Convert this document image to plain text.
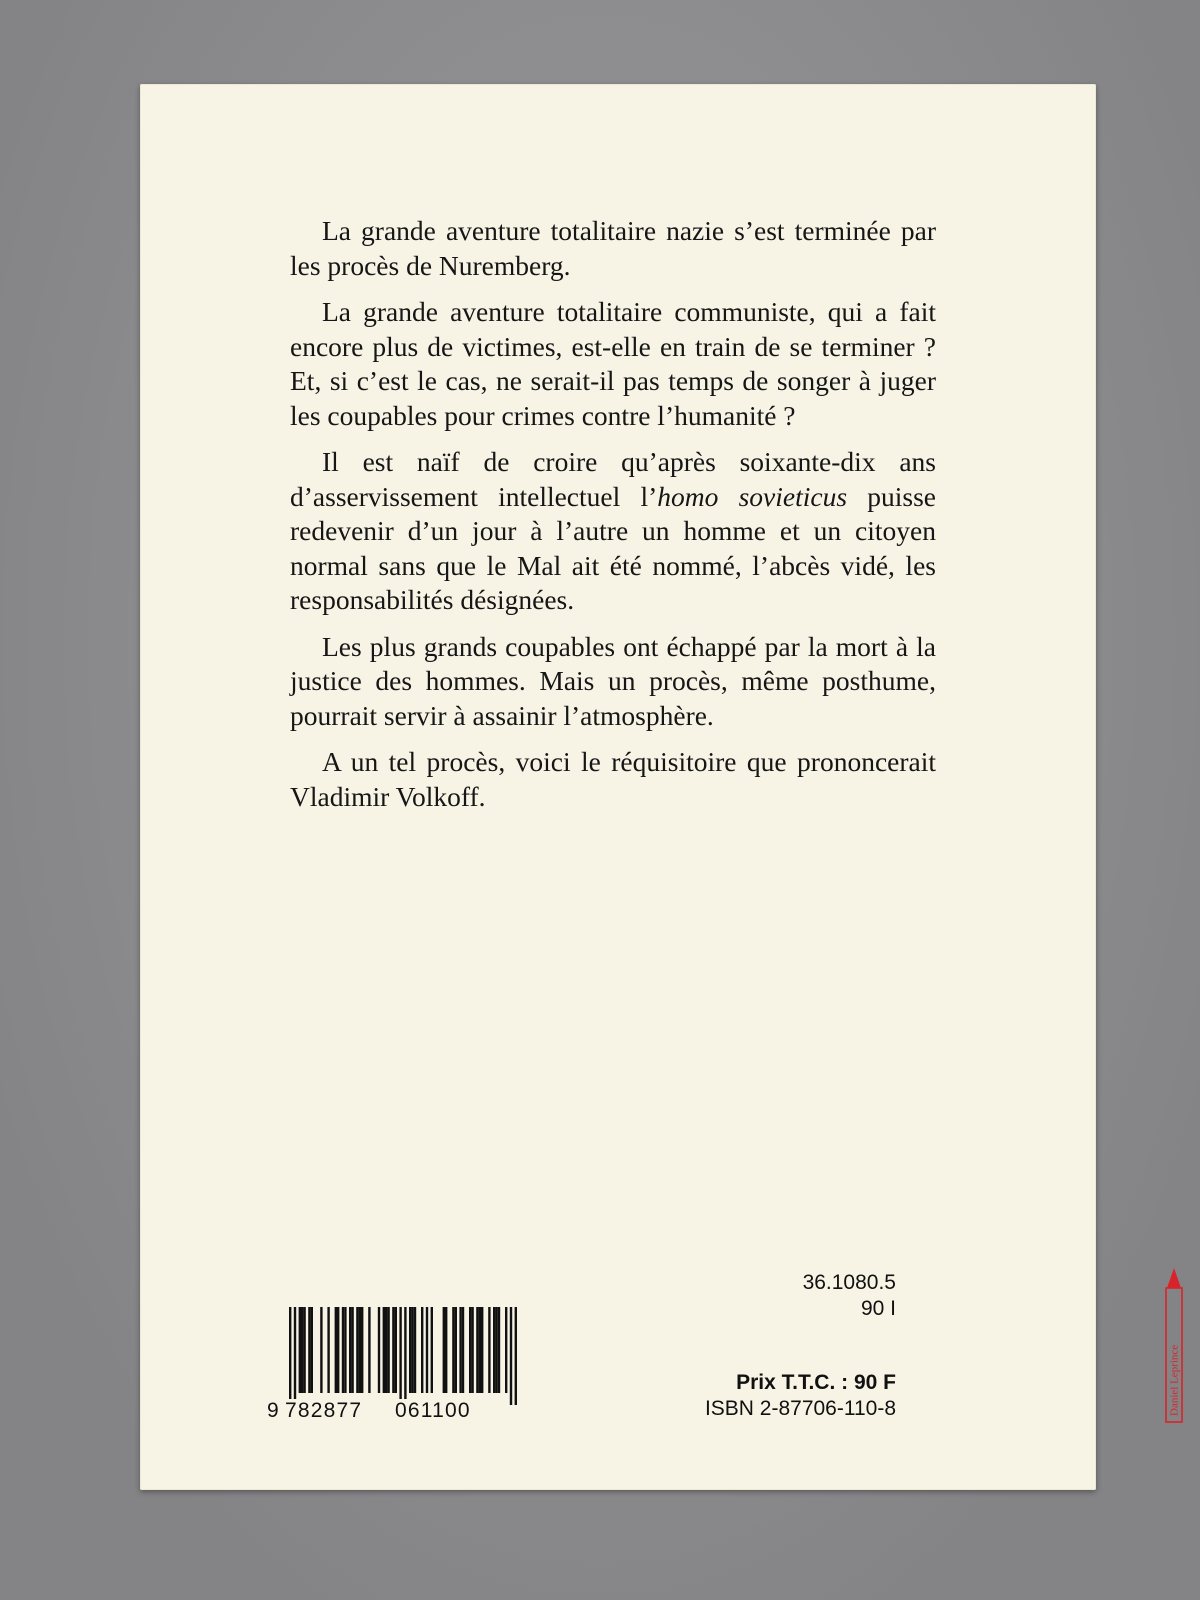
La grande aventure totalitaire nazie s’est terminée par les procès de Nuremberg.

La grande aventure totalitaire communiste, qui a fait encore plus de victimes, est-elle en train de se terminer ? Et, si c’est le cas, ne serait-il pas temps de songer à juger les coupables pour crimes contre l’humanité ?

Il est naïf de croire qu’après soixante-dix ans d’asservissement intellectuel l’homo sovieticus puisse redevenir d’un jour à l’autre un homme et un citoyen normal sans que le Mal ait été nommé, l’abcès vidé, les responsabilités désignées.

Les plus grands coupables ont échappé par la mort à la justice des hommes. Mais un procès, même posthume, pourrait servir à assainir l’atmosphère.

A un tel procès, voici le réquisitoire que prononcerait Vladimir Volkoff.

9 782877	061100
36.1080.5
90 I
Prix T.T.C. : 90 F
ISBN 2-87706-110-8	Daniel Leprince
